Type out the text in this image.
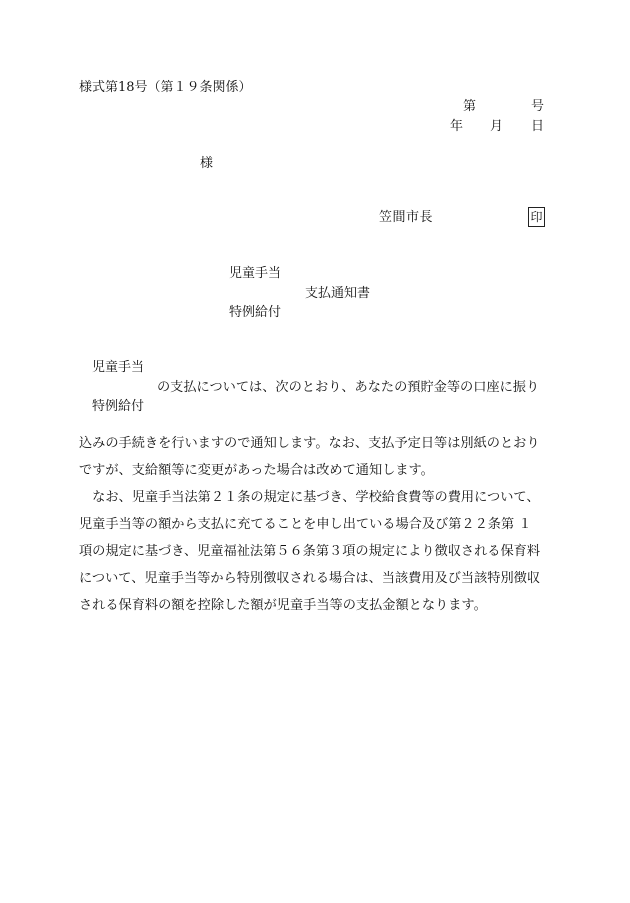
様式第18号（第１９条関係）
第	号
年 月 日
様
笠間市長	印
児童手当
支払通知書
特例給付
児童手当
の支払については、次のとおり、あなたの預貯金等の口座に振り
特例給付
込みの手続きを行いますので通知します。なお、支払予定日等は別紙のとおり
ですが、支給額等に変更があった場合は改めて通知します。
　なお、児童手当法第２１条の規定に基づき、学校給食費等の費用について、
児童手当等の額から支払に充てることを申し出ている場合及び第２２条第 １
項の規定に基づき、児童福祉法第５６条第３項の規定により徴収される保育料
について、児童手当等から特別徴収される場合は、当該費用及び当該特別徴収
される保育料の額を控除した額が児童手当等の支払金額となります。
